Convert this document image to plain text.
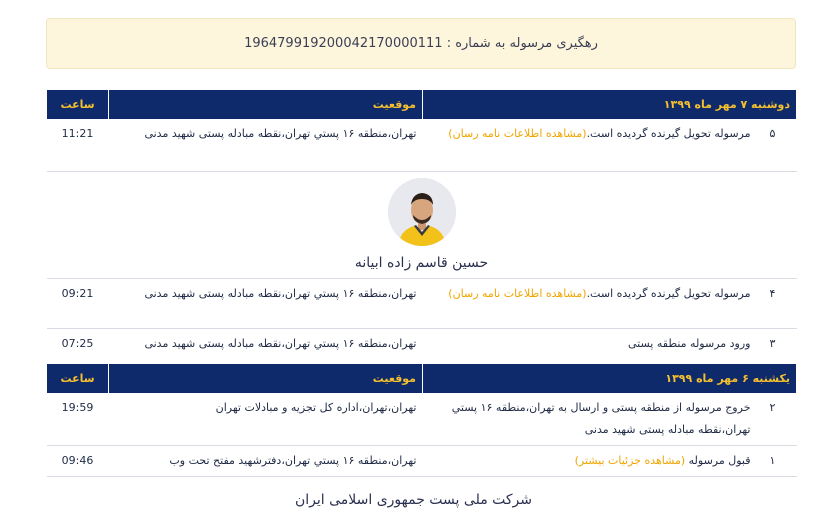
رهگیری مرسوله به شماره : 196479919200042170000111
دوشنبه ۷ مهر ماه ۱۳۹۹	موقعیت	ساعت

۵
مرسوله تحویل گیرنده گردیده است.(مشاهده اطلاعات نامه رسان)	تهران،منطقه ۱۶ پستي تهران،نقطه مبادله پستی شهید مدنی	11:21

حسین قاسم زاده ابیانه		

۴
مرسوله تحویل گیرنده گردیده است.(مشاهده اطلاعات نامه رسان)	تهران،منطقه ۱۶ پستي تهران،نقطه مبادله پستی شهید مدنی	09:21

۳
ورود مرسوله منطقه پستی	تهران،منطقه ۱۶ پستي تهران،نقطه مبادله پستی شهید مدنی	07:25
یکشنبه ۶ مهر ماه ۱۳۹۹	موقعیت	ساعت

۲
خروج مرسوله از منطقه پستی و ارسال به تهران،منطقه ۱۶ پستي تهران،نقطه مبادله پستی شهید مدنی	تهران،تهران،اداره کل تجزیه و مبادلات تهران	19:59

۱
قبول مرسوله (مشاهده جزئیات بیشتر)	تهران،منطقه ۱۶ پستي تهران،دفترشهید مفتح تحت وب	09:46
شرکت ملی پست جمهوری اسلامی ایران
